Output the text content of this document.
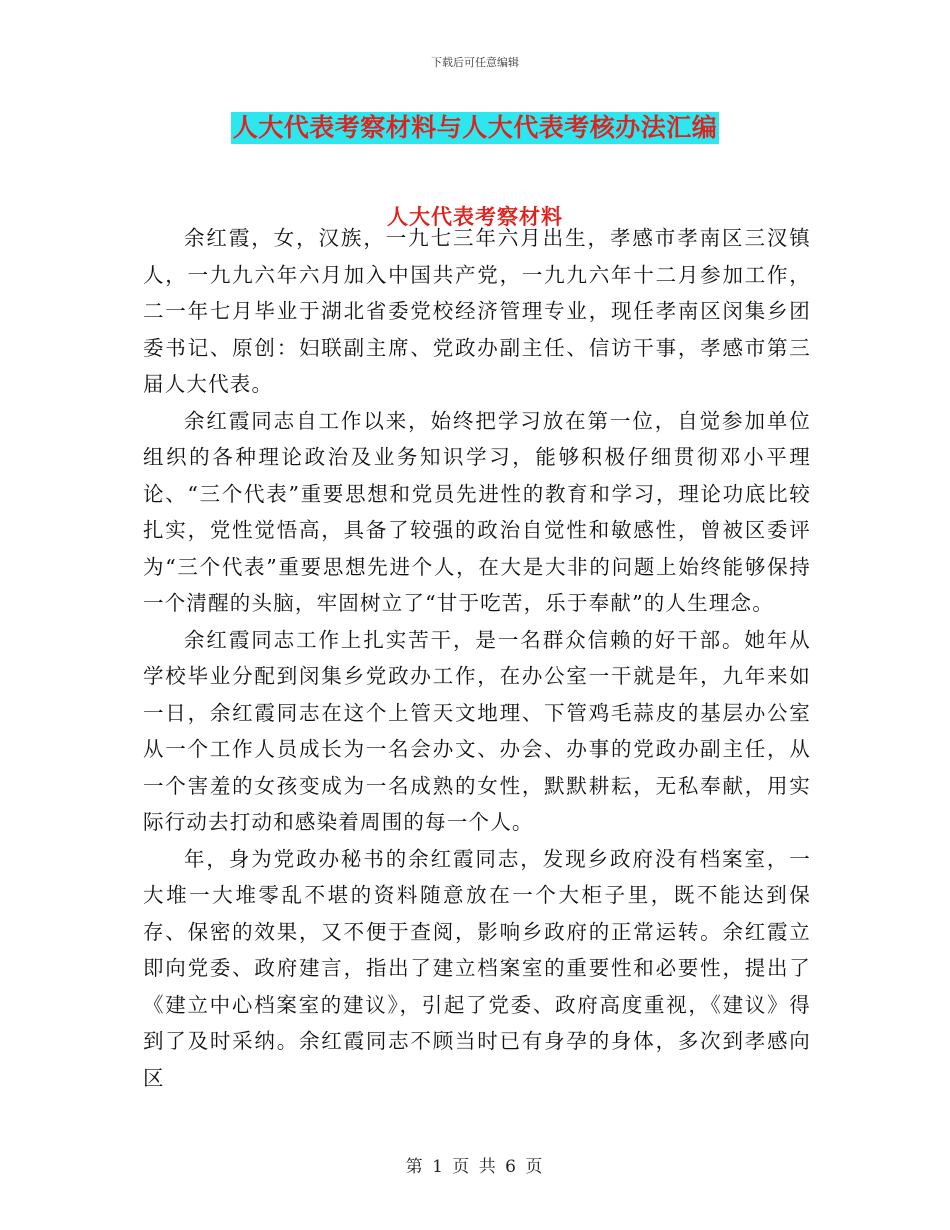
下载后可任意编辑
人大代表考察材料与人大代表考核办法汇编
人大代表考察材料

余红霞，女，汉族，一九七三年六月出生，孝感市孝南区三汊镇人，一九九六年六月加入中国共产党，一九九六年十二月参加工作，二一年七月毕业于湖北省委党校经济管理专业，现任孝南区闵集乡团委书记、原创：妇联副主席、党政办副主任、信访干事，孝感市第三届人大代表。

余红霞同志自工作以来，始终把学习放在第一位，自觉参加单位组织的各种理论政治及业务知识学习，能够积极仔细贯彻邓小平理论、“三个代表”重要思想和党员先进性的教育和学习，理论功底比较扎实，党性觉悟高，具备了较强的政治自觉性和敏感性，曾被区委评为“三个代表”重要思想先进个人，在大是大非的问题上始终能够保持一个清醒的头脑，牢固树立了“甘于吃苦，乐于奉献”的人生理念。

余红霞同志工作上扎实苦干，是一名群众信赖的好干部。她年从学校毕业分配到闵集乡党政办工作，在办公室一干就是年，九年来如一日，余红霞同志在这个上管天文地理、下管鸡毛蒜皮的基层办公室从一个工作人员成长为一名会办文、办会、办事的党政办副主任，从一个害羞的女孩变成为一名成熟的女性，默默耕耘，无私奉献，用实际行动去打动和感染着周围的每一个人。

年，身为党政办秘书的余红霞同志，发现乡政府没有档案室，一大堆一大堆零乱不堪的资料随意放在一个大柜子里，既不能达到保存、保密的效果，又不便于查阅，影响乡政府的正常运转。余红霞立即向党委、政府建言，指出了建立档案室的重要性和必要性，提出了《建立中心档案室的建议》，引起了党委、政府高度重视，《建议》得到了及时采纳。余红霞同志不顾当时已有身孕的身体，多次到孝感向区

第 1 页 共 6 页
